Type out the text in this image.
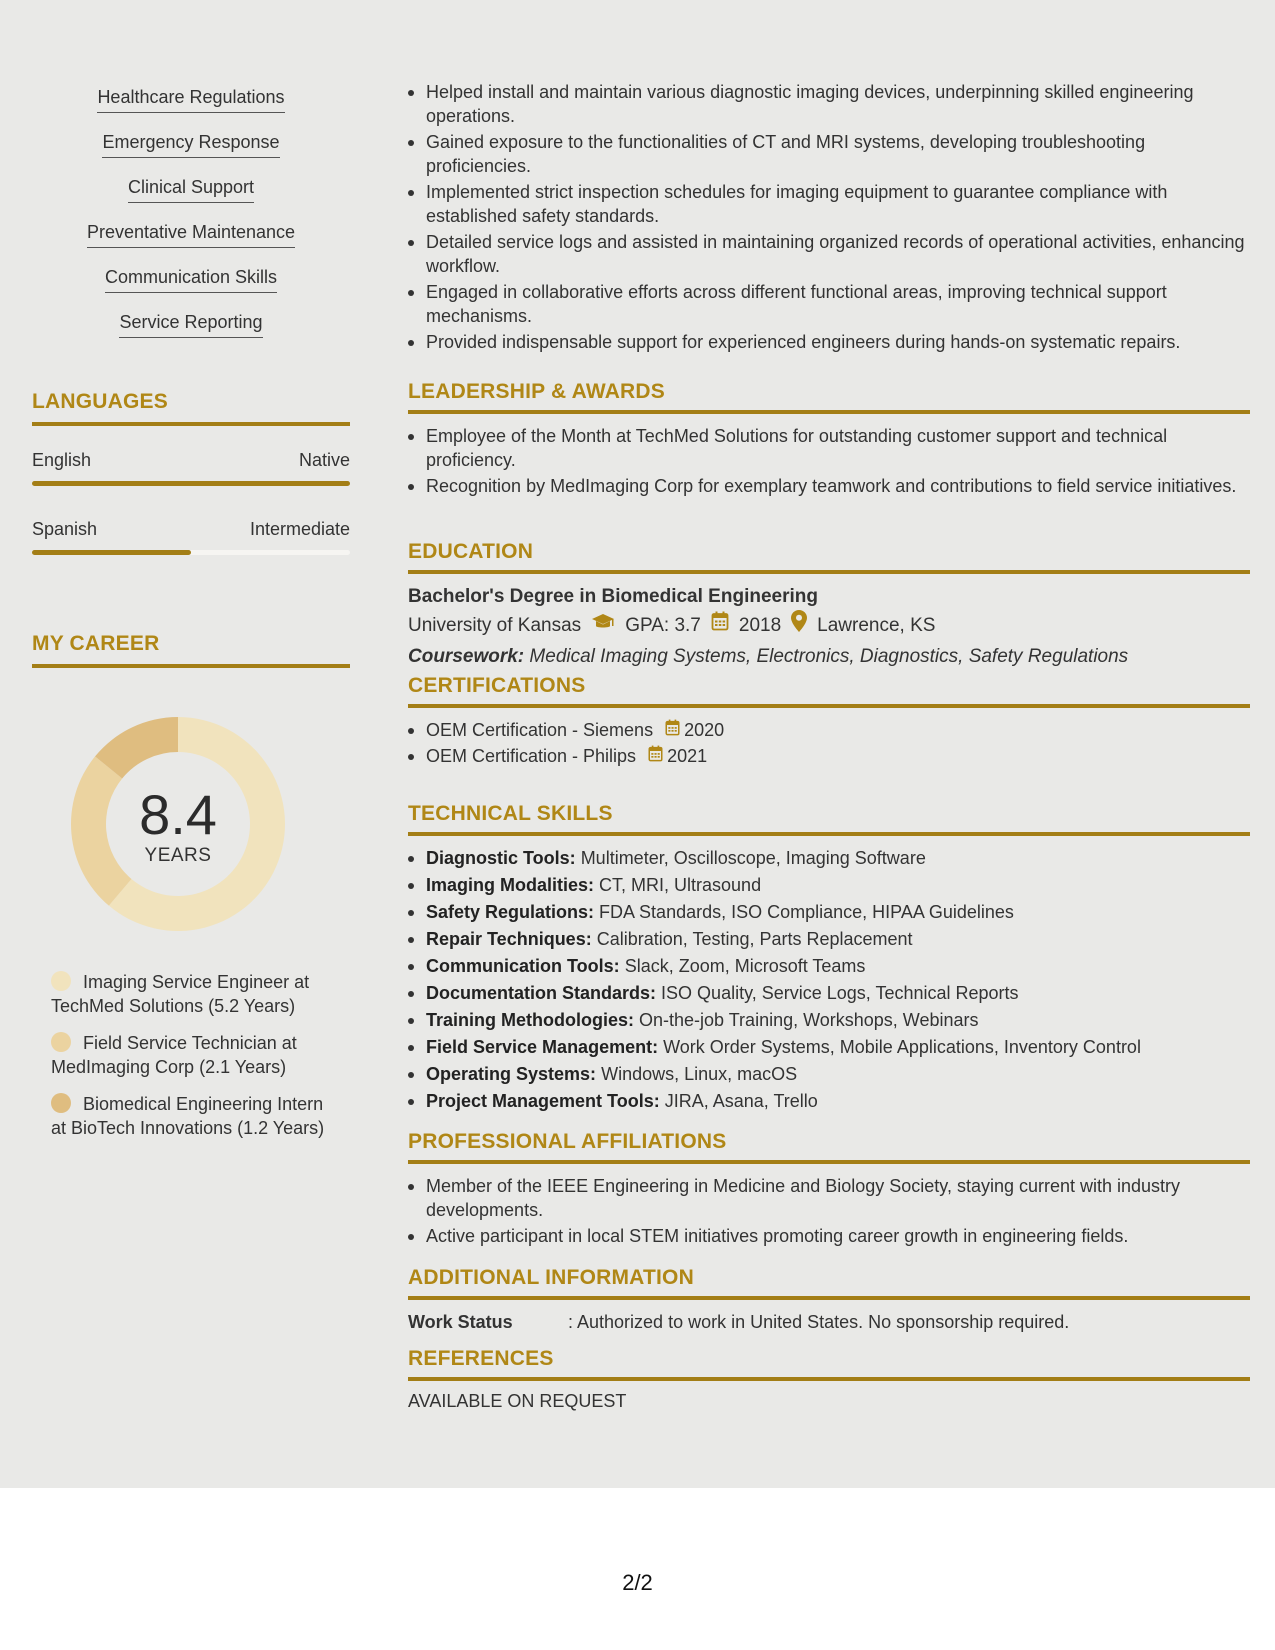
Healthcare Regulations
Emergency Response
Clinical Support
Preventative Maintenance
Communication Skills
Service Reporting
LANGUAGES
English	Native
Spanish	Intermediate
MY CAREER
8.4
YEARS
Imaging Service Engineer at TechMed Solutions (5.2 Years)
Field Service Technician at MedImaging Corp (2.1 Years)
Biomedical Engineering Intern at BioTech Innovations (1.2 Years)
Helped install and maintain various diagnostic imaging devices, underpinning skilled engineering operations.
Gained exposure to the functionalities of CT and MRI systems, developing troubleshooting proficiencies.
Implemented strict inspection schedules for imaging equipment to guarantee compliance with established safety standards.
Detailed service logs and assisted in maintaining organized records of operational activities, enhancing workflow.
Engaged in collaborative efforts across different functional areas, improving technical support mechanisms.
Provided indispensable support for experienced engineers during hands-on systematic repairs.
LEADERSHIP & AWARDS
Employee of the Month at TechMed Solutions for outstanding customer support and technical proficiency.
Recognition by MedImaging Corp for exemplary teamwork and contributions to field service initiatives.
EDUCATION
Bachelor's Degree in Biomedical Engineering
University of Kansas GPA: 3.7 2018 Lawrence, KS
Coursework: Medical Imaging Systems, Electronics, Diagnostics, Safety Regulations
CERTIFICATIONS
OEM Certification - Siemens 2020
OEM Certification - Philips 2021
TECHNICAL SKILLS
Diagnostic Tools: Multimeter, Oscilloscope, Imaging Software
Imaging Modalities: CT, MRI, Ultrasound
Safety Regulations: FDA Standards, ISO Compliance, HIPAA Guidelines
Repair Techniques: Calibration, Testing, Parts Replacement
Communication Tools: Slack, Zoom, Microsoft Teams
Documentation Standards: ISO Quality, Service Logs, Technical Reports
Training Methodologies: On-the-job Training, Workshops, Webinars
Field Service Management: Work Order Systems, Mobile Applications, Inventory Control
Operating Systems: Windows, Linux, macOS
Project Management Tools: JIRA, Asana, Trello
PROFESSIONAL AFFILIATIONS
Member of the IEEE Engineering in Medicine and Biology Society, staying current with industry developments.
Active participant in local STEM initiatives promoting career growth in engineering fields.
ADDITIONAL INFORMATION
Work Status	: Authorized to work in United States. No sponsorship required.
REFERENCES
AVAILABLE ON REQUEST
2/2
